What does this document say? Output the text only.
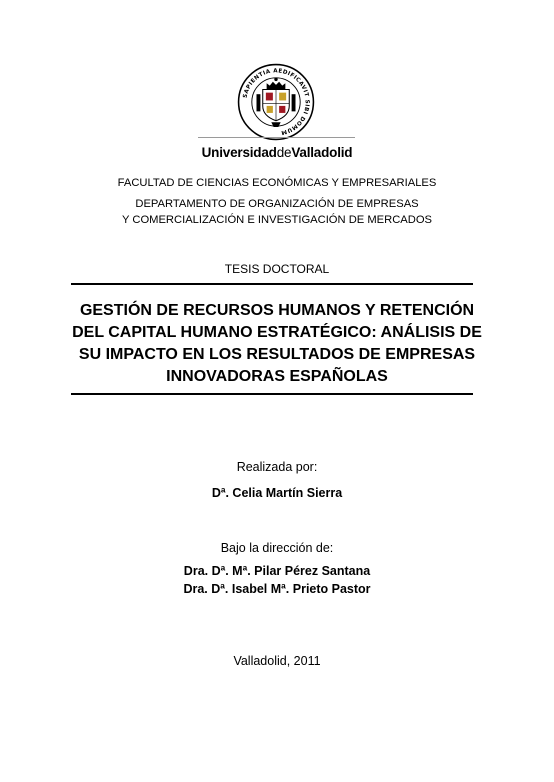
SAPIENTIA AEDIFICAVIT SIBI DOMUM
UniversidaddeValladolid
FACULTAD DE CIENCIAS ECONÓMICAS Y EMPRESARIALES
DEPARTAMENTO DE ORGANIZACIÓN DE EMPRESAS
Y COMERCIALIZACIÓN E INVESTIGACIÓN DE MERCADOS
TESIS DOCTORAL
GESTIÓN DE RECURSOS HUMANOS Y RETENCIÓN
DEL CAPITAL HUMANO ESTRATÉGICO: ANÁLISIS DE
SU IMPACTO EN LOS RESULTADOS DE EMPRESAS
INNOVADORAS ESPAÑOLAS
Realizada por:
Dª. Celia Martín Sierra
Bajo la dirección de:
Dra. Dª. Mª. Pilar Pérez Santana
Dra. Dª. Isabel Mª. Prieto Pastor
Valladolid, 2011
